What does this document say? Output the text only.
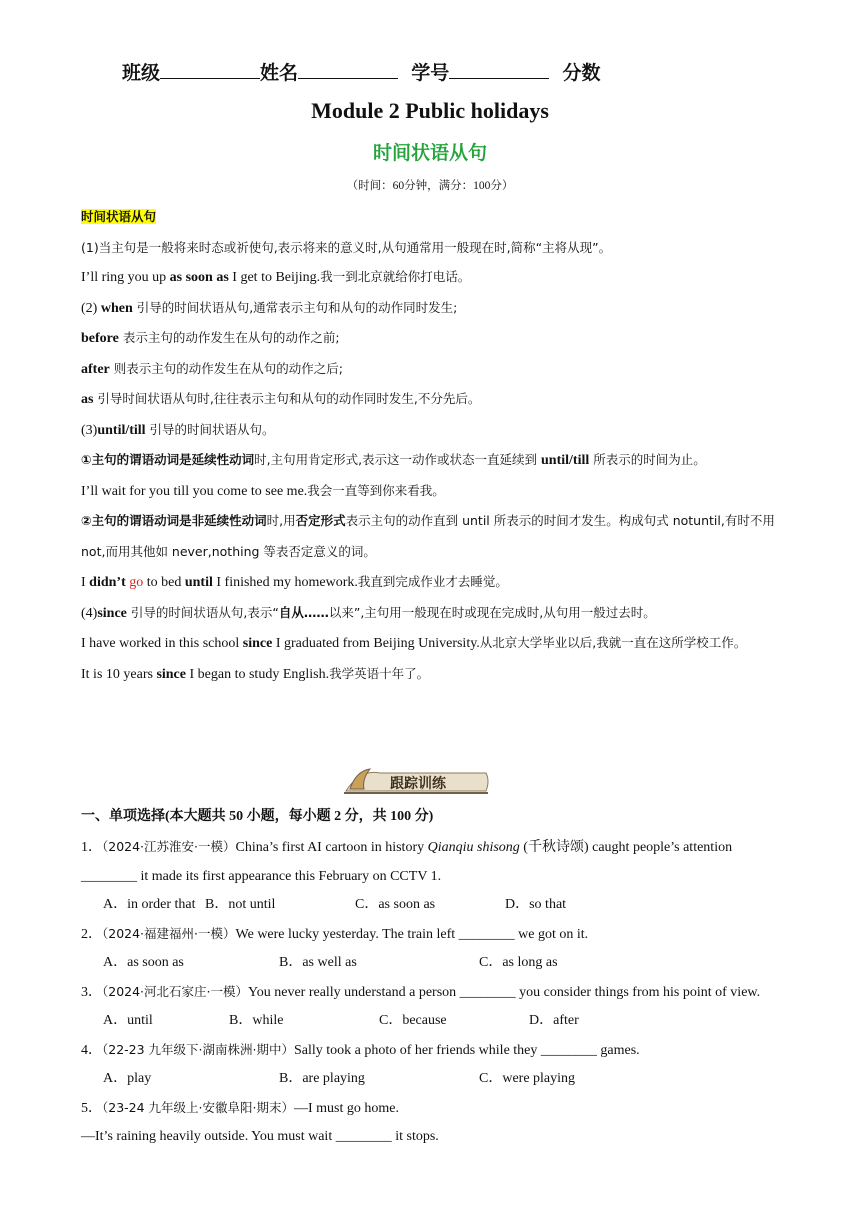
班级	姓名	学号	分数
Module 2 Public holidays
时间状语从句
（时间：60分钟，满分：100分）

时间状语从句

(1)当主句是一般将来时态或祈使句,表示将来的意义时,从句通常用一般现在时,简称“主将从现”。

I’ll ring you up as soon as I get to Beijing.我一到北京就给你打电话。

(2) when 引导的时间状语从句,通常表示主句和从句的动作同时发生;

before 表示主句的动作发生在从句的动作之前;

after 则表示主句的动作发生在从句的动作之后;

as 引导时间状语从句时,往往表示主句和从句的动作同时发生,不分先后。

(3)until/till 引导的时间状语从句。

①主句的谓语动词是延续性动词时,主句用肯定形式,表示这一动作或状态一直延续到 until/till 所表示的时间为止。

I’ll wait for you till you come to see me.我会一直等到你来看我。

②主句的谓语动词是非延续性动词时,用否定形式表示主句的动作直到 until 所表示的时间才发生。构成句式 notuntil,有时不用 not,而用其他如 never,nothing 等表否定意义的词。

I didn’t go to bed until I finished my homework.我直到完成作业才去睡觉。

(4)since 引导的时间状语从句,表示“自从……以来”,主句用一般现在时或现在完成时,从句用一般过去时。

I have worked in this school since I graduated from Beijing University.从北京大学毕业以后,我就一直在这所学校工作。

It is 10 years since I began to study English.我学英语十年了。

跟踪训练
一、单项选择(本大题共 50 小题，每小题 2 分，共 100 分)

1．（2024·江苏淮安·一模）China’s first AI cartoon in history Qianqiu shisong (千秋诗颂) caught people’s attention ________ it made its first appearance this February on CCTV 1.

A．in order that B．not until	C．as soon as	D．so that

2．（2024·福建福州·一模）We were lucky yesterday. The train left ________ we got on it.

A．as soon as	B．as well as	C．as long as

3．（2024·河北石家庄·一模）You never really understand a person ________ you consider things from his point of view.

A．until	B．while	C．because	D．after

4．（22-23 九年级下·湖南株洲·期中）Sally took a photo of her friends while they ________ games.

A．play	B．are playing	C．were playing

5．（23-24 九年级上·安徽阜阳·期末）—I must go home.

—It’s raining heavily outside. You must wait ________ it stops.
